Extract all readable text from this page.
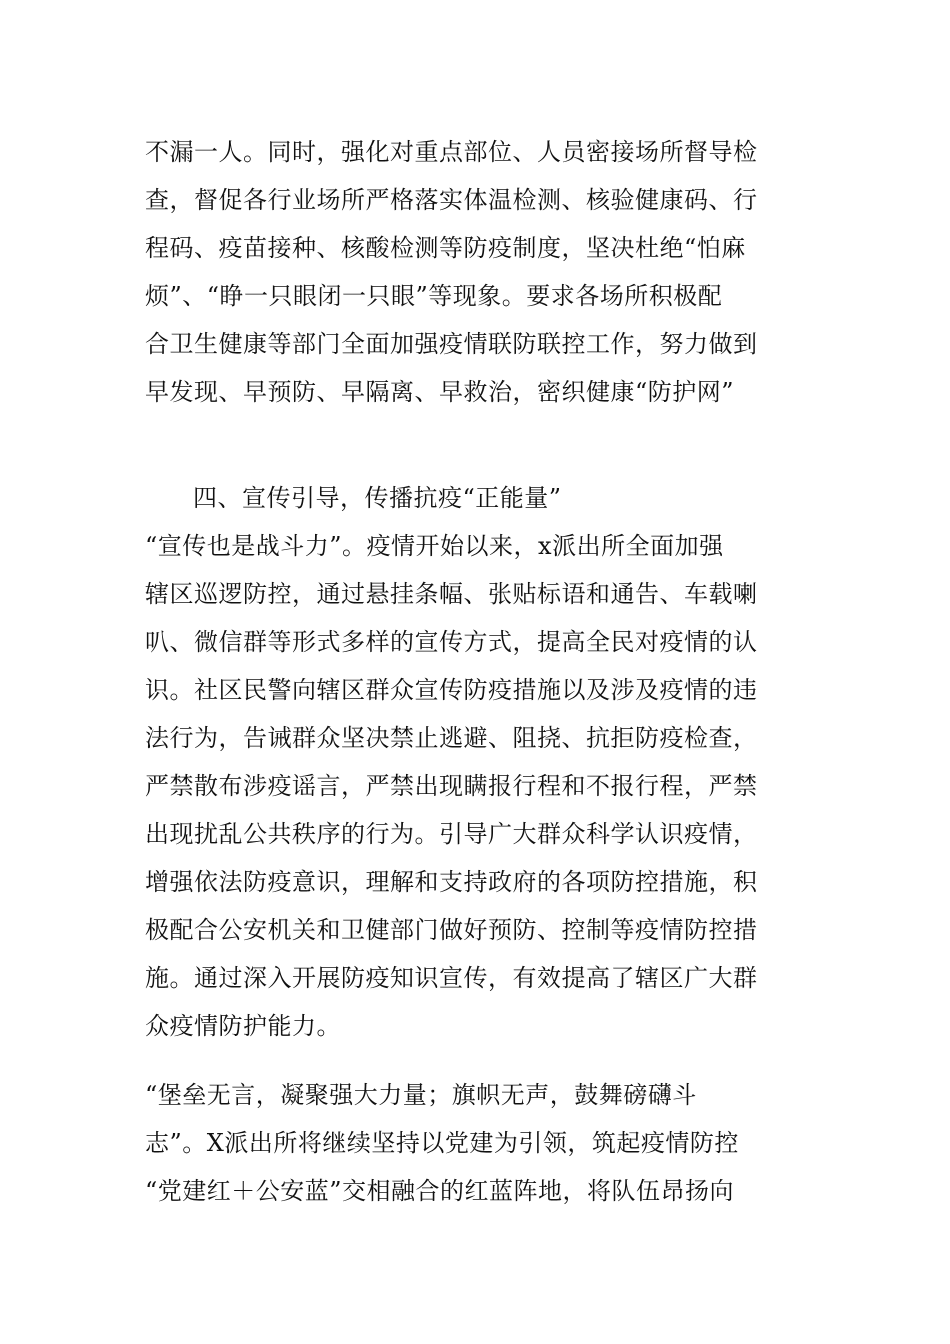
不漏一人。同时，强化对重点部位、人员密接场所督导检
查，督促各行业场所严格落实体温检测、核验健康码、行
程码、疫苗接种、核酸检测等防疫制度，坚决杜绝“怕麻
烦”、“睁一只眼闭一只眼”等现象。要求各场所积极配
合卫生健康等部门全面加强疫情联防联控工作，努力做到
早发现、早预防、早隔离、早救治，密织健康“防护网”
四、宣传引导，传播抗疫“正能量”
“宣传也是战斗力”。疫情开始以来，x派出所全面加强
辖区巡逻防控，通过悬挂条幅、张贴标语和通告、车载喇
叭、微信群等形式多样的宣传方式，提高全民对疫情的认
识。社区民警向辖区群众宣传防疫措施以及涉及疫情的违
法行为，告诫群众坚决禁止逃避、阻挠、抗拒防疫检查，
严禁散布涉疫谣言，严禁出现瞒报行程和不报行程，严禁
出现扰乱公共秩序的行为。引导广大群众科学认识疫情，
增强依法防疫意识，理解和支持政府的各项防控措施，积
极配合公安机关和卫健部门做好预防、控制等疫情防控措
施。通过深入开展防疫知识宣传，有效提高了辖区广大群
众疫情防护能力。
“堡垒无言，凝聚强大力量；旗帜无声，鼓舞磅礴斗
志”。X派出所将继续坚持以党建为引领，筑起疫情防控
“党建红＋公安蓝”交相融合的红蓝阵地，将队伍昂扬向
